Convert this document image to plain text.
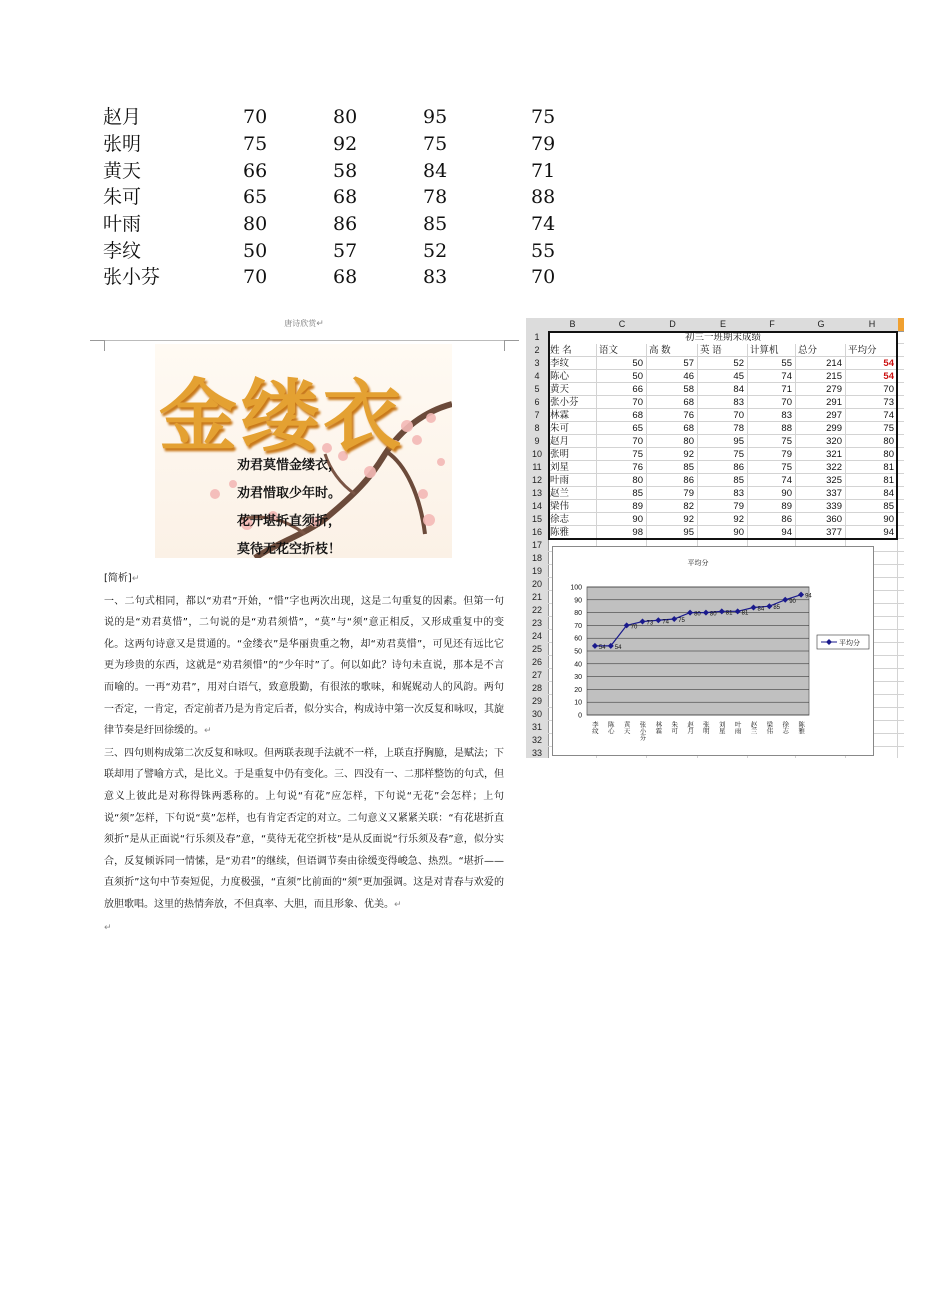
赵月	70	80	95	75
张明	75	92	75	79
黄天	66	58	84	71
朱可	65	68	78	88
叶雨	80	86	85	74
李纹	50	57	52	55
张小芬	70	68	83	70
唐诗欣赏↵
金缕衣
劝君莫惜金缕衣，
劝君惜取少年时。
花开堪折直须折，
莫待无花空折枝！

[简析]↵

一、二句式相同，都以“劝君”开始，“惜”字也两次出现，这是二句重复的因素。但第一句说的是“劝君莫惜”，二句说的是“劝君须惜”，“莫”与“须”意正相反，又形成重复中的变化。这两句诗意又是贯通的。“金缕衣”是华丽贵重之物，却“劝君莫惜”，可见还有远比它更为珍贵的东西，这就是“劝君须惜”的“少年时”了。何以如此？诗句未直说，那本是不言而喻的。一再“劝君”，用对白语气，致意殷勤，有很浓的歌味，和娓娓动人的风韵。两句一否定，一肯定，否定前者乃是为肯定后者，似分实合，构成诗中第一次反复和咏叹，其旋律节奏是纡回徐缓的。↵

三、四句则构成第二次反复和咏叹。但两联表现手法就不一样，上联直抒胸臆，是赋法；下联却用了譬喻方式，是比义。于是重复中仍有变化。三、四没有一、二那样整饬的句式，但意义上彼此是对称得铢两悉称的。上句说“有花”应怎样，下句说“无花”会怎样；上句说“须”怎样，下句说“莫”怎样，也有肯定否定的对立。二句意义又紧紧关联：“有花堪折直须折”是从正面说“行乐须及春”意，“莫待无花空折枝”是从反面说“行乐须及春”意，似分实合，反复倾诉同一情愫，是“劝君”的继续，但语调节奏由徐缓变得峻急、热烈。“堪折——直须折”这句中节奏短促，力度极强，“直须”比前面的“须”更加强调。这是对青春与欢爱的放胆歌唱。这里的热情奔放，不但真率、大胆，而且形象、优美。↵

↵

B	C	D	E	F	G	H
1
2
3
4
5
6
7
8
9
10
11
12
13
14
15
16
17
18
19
20
21
22
23
24
25
26
27
28
29
30
31
32
33
初三一班期末成绩
姓 名	语文	高 数	英 语	计算机	总分	平均分
李纹	50	57	52	55	214	54
陈心	50	46	45	74	215	54
黄天	66	58	84	71	279	70
张小芬	70	68	83	70	291	73
林霖	68	76	70	83	297	74
朱可	65	68	78	88	299	75
赵月	70	80	95	75	320	80
张明	75	92	75	79	321	80
刘星	76	85	86	75	322	81
叶雨	80	86	85	74	325	81
赵兰	85	79	83	90	337	84
梁伟	89	82	79	89	339	85
徐志	90	92	92	86	360	90
陈雅	98	95	90	94	377	94
平均分
0
10
20
30
40
50
60
70
80
90
100
54 54
70
73 74 75
80 80 81 81
84 85
90
94
李纹 陈心 黄天 张小芬 林霖 朱可 赵月 张明 刘星 叶雨 赵兰 梁伟 徐志 陈雅
平均分
